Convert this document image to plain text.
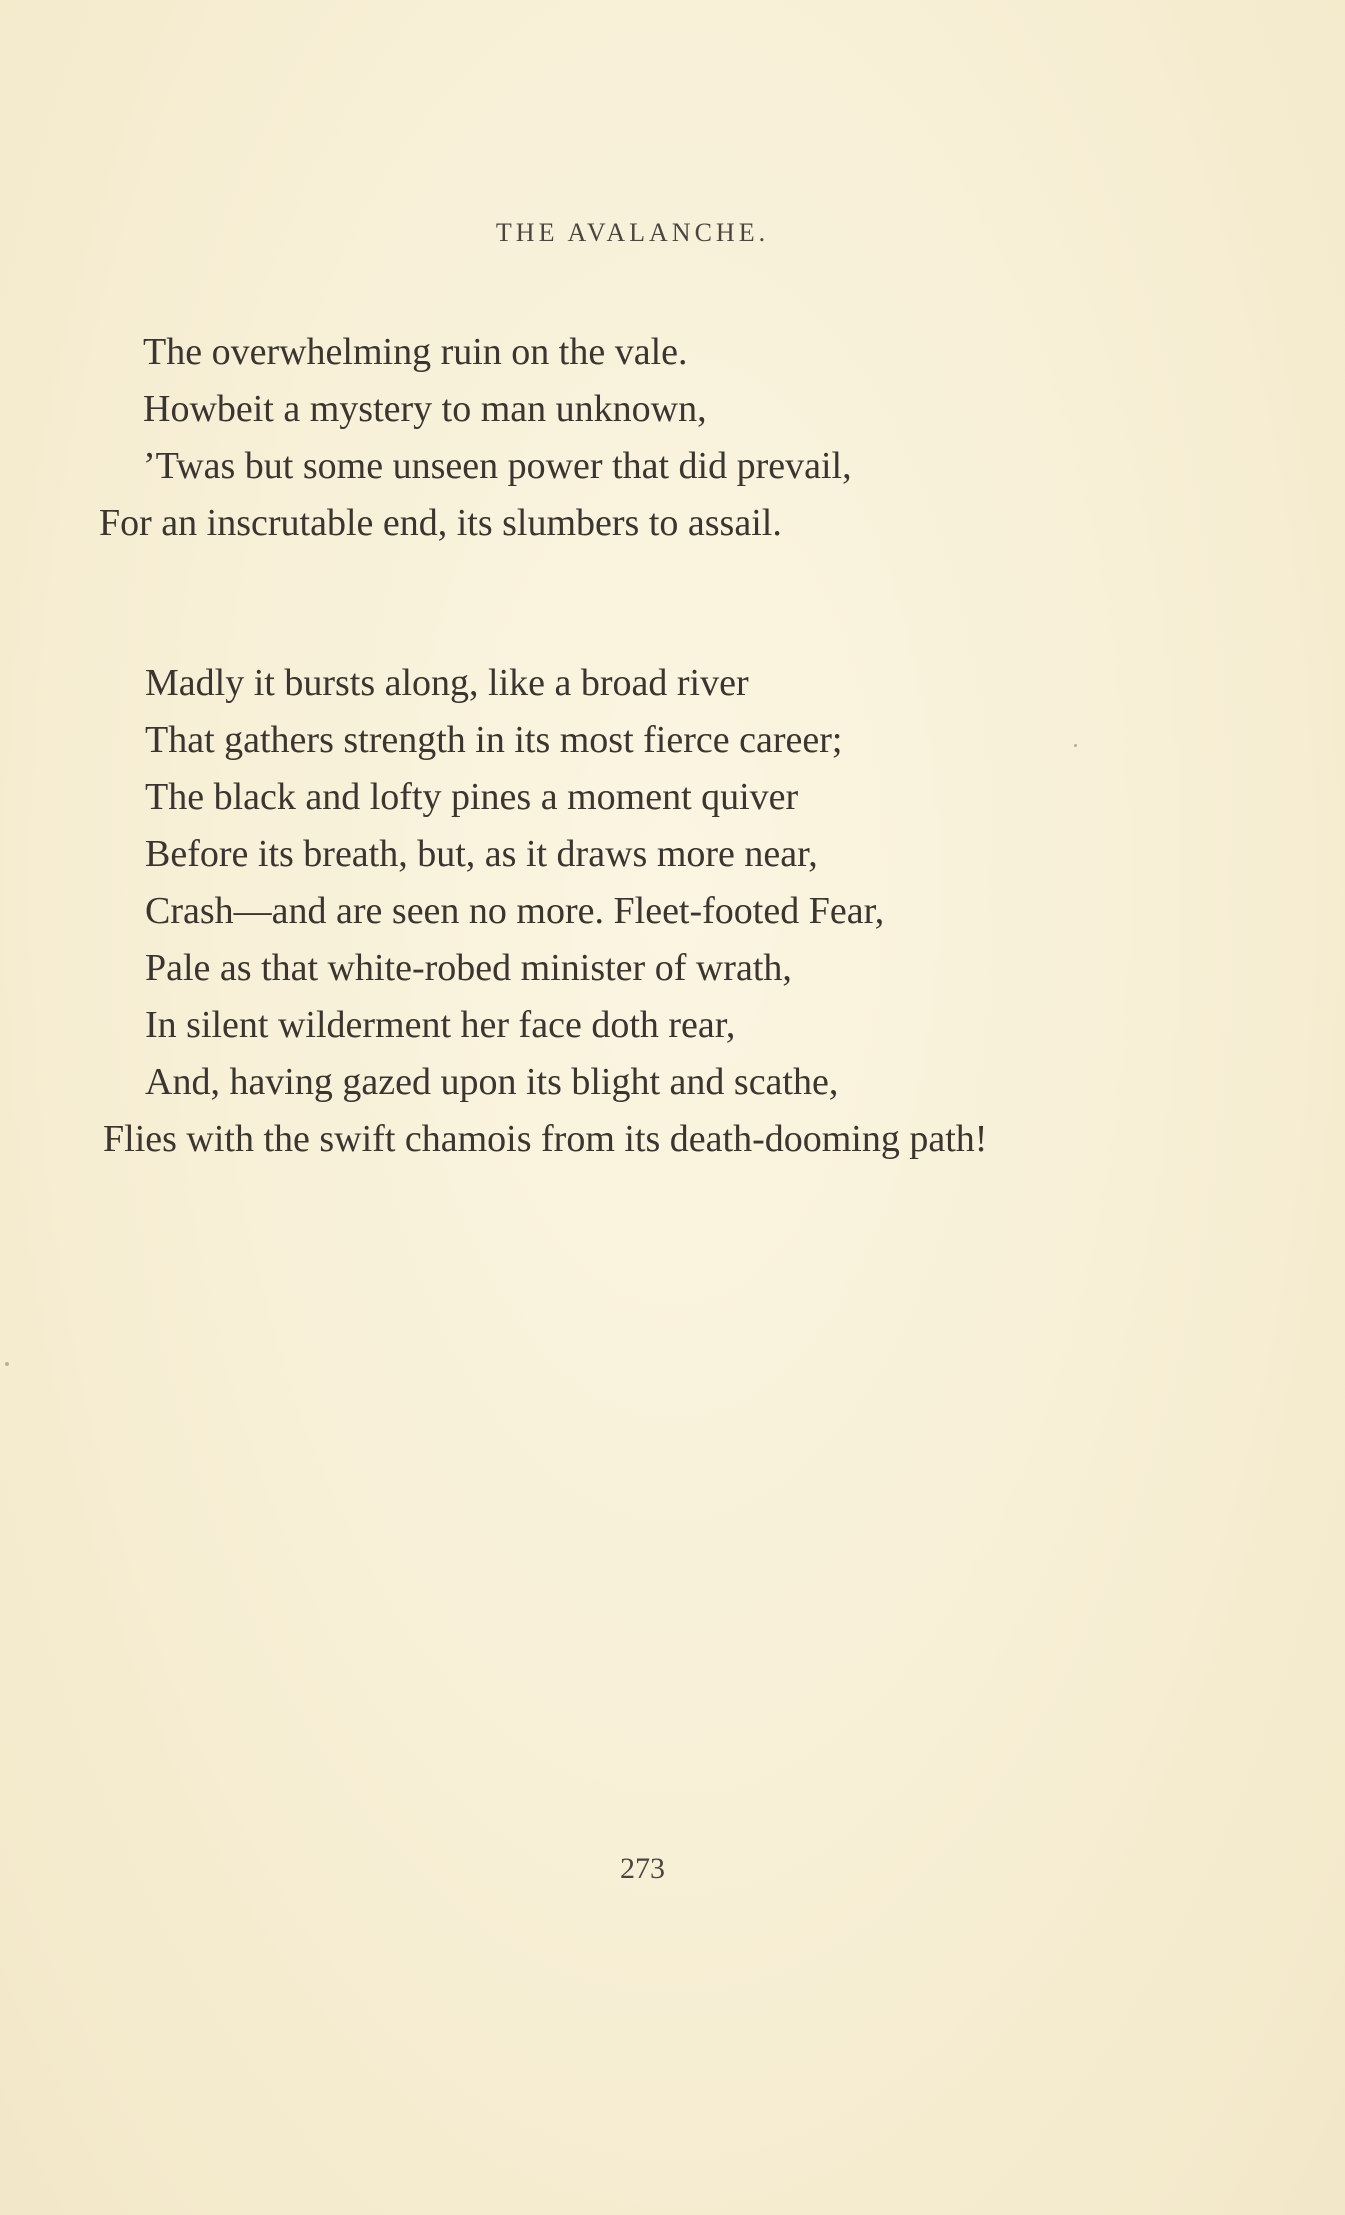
THE AVALANCHE.
The overwhelming ruin on the vale.
Howbeit a mystery to man unknown,
’Twas but some unseen power that did prevail,
For an inscrutable end, its slumbers to assail.
Madly it bursts along, like a broad river
That gathers strength in its most fierce career;
The black and lofty pines a moment quiver
Before its breath, but, as it draws more near,
Crash—and are seen no more. Fleet-footed Fear,
Pale as that white-robed minister of wrath,
In silent wilderment her face doth rear,
And, having gazed upon its blight and scathe,
Flies with the swift chamois from its death-dooming path!
273
